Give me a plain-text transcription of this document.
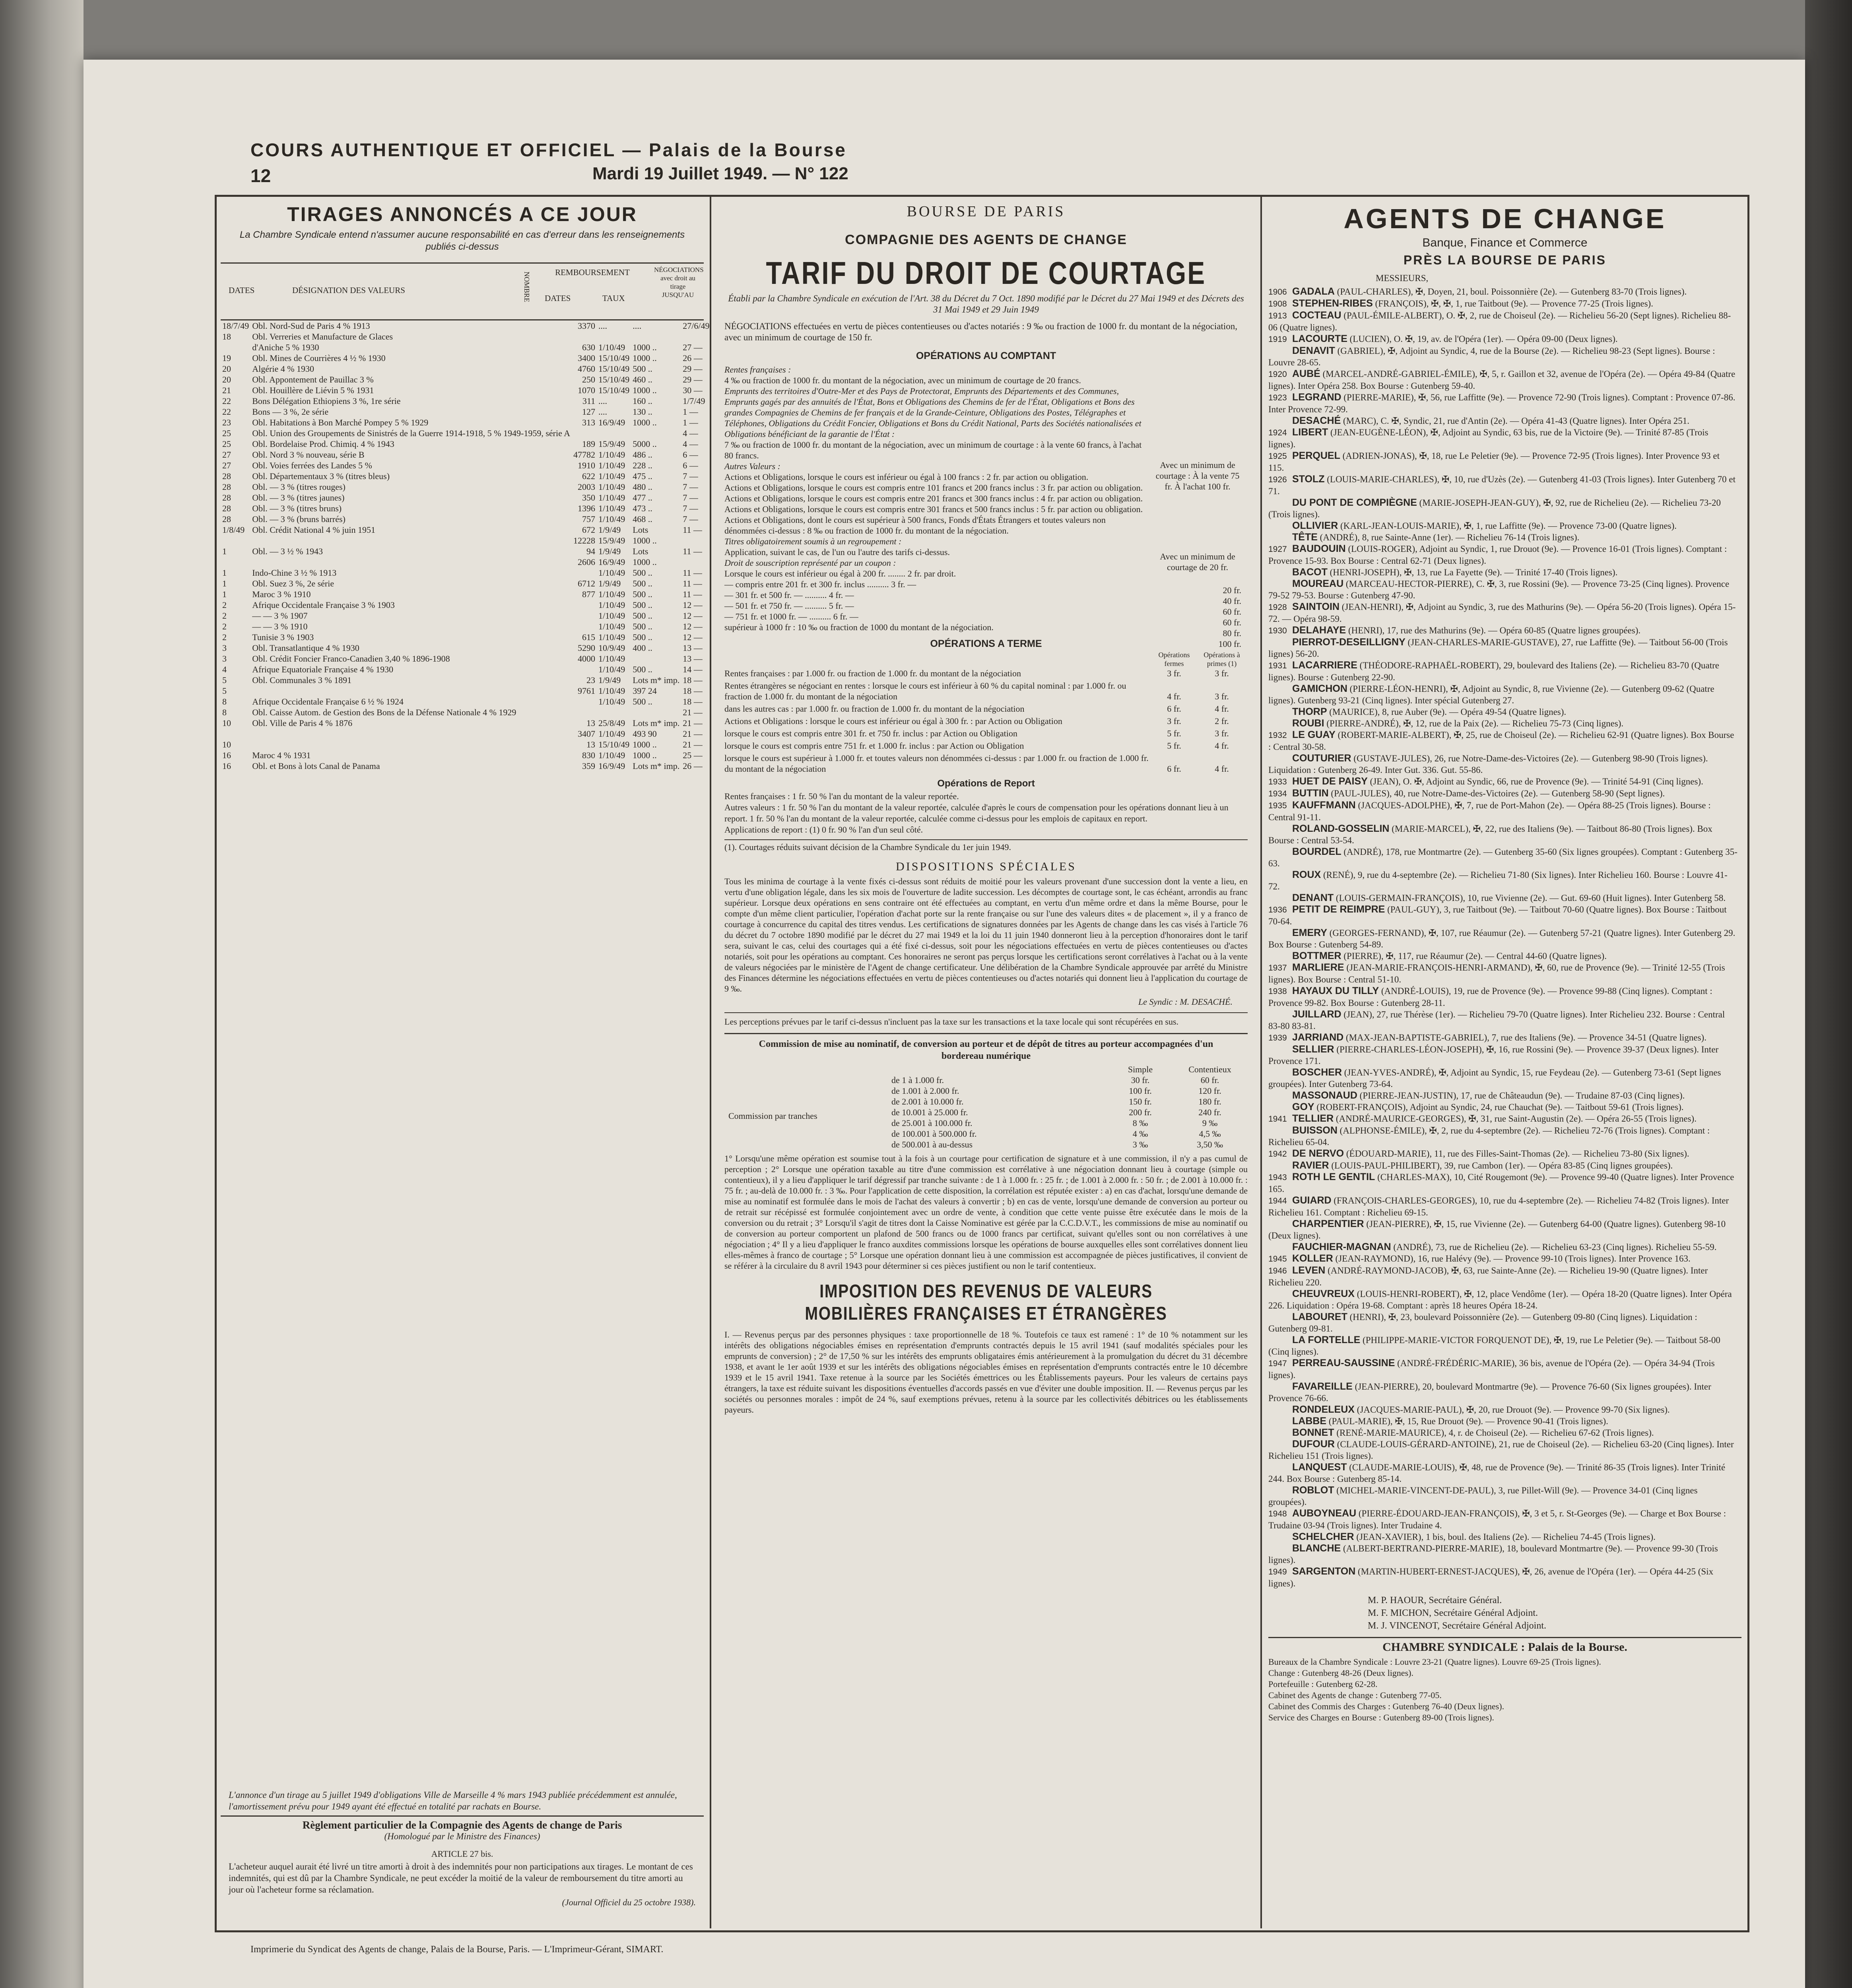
COURS AUTHENTIQUE ET OFFICIEL — Palais de la Bourse
Mardi 19 Juillet 1949. — N° 122
12
TIRAGES ANNONCÉS A CE JOUR
La Chambre Syndicale entend n'assumer aucune responsabilité en cas d'erreur dans les renseignements publiés ci-dessus
DATES	DÉSIGNATION DES VALEURS	NOMBRE	REMBOURSEMENT
DATES	TAUX
NÉGOCIATIONS avec droit au tirage JUSQU'AU
18/7/49	Obl. Nord-Sud de Paris 4 % 1913	3370	....	....	27/6/49
18	Obl. Verreries et Manufacture de Glaces				
	d'Aniche 5 % 1930	630	1/10/49	1000 ..	27 —
19	Obl. Mines de Courrières 4 ½ % 1930	3400	15/10/49	1000 ..	26 —
20	Algérie 4 % 1930	4760	15/10/49	500 ..	29 —
20	Obl. Appontement de Pauillac 3 %	250	15/10/49	460 ..	29 —
21	Obl. Houillère de Liévin 5 % 1931	1070	15/10/49	1000 ..	30 —
22	Bons Délégation Ethiopiens 3 %, 1re série	311	....	160 ..	1/7/49
22	Bons — 3 %, 2e série	127	....	130 ..	1 —
23	Obl. Habitations à Bon Marché Pompey 5 % 1929	313	16/9/49	1000 ..	1 —
25	Obl. Union des Groupements de Sinistrés de la Guerre 1914-1918, 5 % 1949-1959, série A				4 —
25	Obl. Bordelaise Prod. Chimiq. 4 % 1943	189	15/9/49	5000 ..	4 —
27	Obl. Nord 3 % nouveau, série B	47782	1/10/49	486 ..	6 —
27	Obl. Voies ferrées des Landes 5 %	1910	1/10/49	228 ..	6 —
28	Obl. Départementaux 3 % (titres bleus)	622	1/10/49	475 ..	7 —
28	Obl. — 3 % (titres rouges)	2003	1/10/49	480 ..	7 —
28	Obl. — 3 % (titres jaunes)	350	1/10/49	477 ..	7 —
28	Obl. — 3 % (titres bruns)	1396	1/10/49	473 ..	7 —
28	Obl. — 3 % (bruns barrés)	757	1/10/49	468 ..	7 —
1/8/49	Obl. Crédit National 4 % juin 1951	672	1/9/49	Lots	11 —
		12228	15/9/49	1000 ..	
1	Obl. — 3 ½ % 1943	94	1/9/49	Lots	11 —
		2606	16/9/49	1000 ..	
1	Indo-Chine 3 ½ % 1913		1/10/49	500 ..	11 —
1	Obl. Suez 3 %, 2e série	6712	1/9/49	500 ..	11 —
1	Maroc 3 % 1910	877	1/10/49	500 ..	11 —
2	Afrique Occidentale Française 3 % 1903		1/10/49	500 ..	12 —
2	— — 3 % 1907		1/10/49	500 ..	12 —
2	— — 3 % 1910		1/10/49	500 ..	12 —
2	Tunisie 3 % 1903	615	1/10/49	500 ..	12 —
3	Obl. Transatlantique 4 % 1930	5290	10/9/49	400 ..	13 —
3	Obl. Crédit Foncier Franco-Canadien 3,40 % 1896-1908	4000	1/10/49		13 —
4	Afrique Equatoriale Française 4 % 1930		1/10/49	500 ..	14 —
5	Obl. Communales 3 % 1891	23	1/9/49	Lots m* imp.	18 —
5		9761	1/10/49	397 24	18 —
8	Afrique Occidentale Française 6 ½ % 1924		1/10/49	500 ..	18 —
8	Obl. Caisse Autom. de Gestion des Bons de la Défense Nationale 4 % 1929				21 —
10	Obl. Ville de Paris 4 % 1876	13	25/8/49	Lots m* imp.	21 —
		3407	1/10/49	493 90	21 —
10		13	15/10/49	1000 ..	21 —
16	Maroc 4 % 1931	830	1/10/49	1000 ..	25 —
16	Obl. et Bons à lots Canal de Panama	359	16/9/49	Lots m* imp.	26 —
L'annonce d'un tirage au 5 juillet 1949 d'obligations Ville de Marseille 4 % mars 1943 publiée précédemment est annulée, l'amortissement prévu pour 1949 ayant été effectué en totalité par rachats en Bourse.
Règlement particulier de la Compagnie des Agents de change de Paris
(Homologué par le Ministre des Finances)
ARTICLE 27 bis.
L'acheteur auquel aurait été livré un titre amorti à droit à des indemnités pour non participations aux tirages. Le montant de ces indemnités, qui est dû par la Chambre Syndicale, ne peut excéder la moitié de la valeur de remboursement du titre amorti au jour où l'acheteur forme sa réclamation.
(Journal Officiel du 25 octobre 1938).
BOURSE DE PARIS
COMPAGNIE DES AGENTS DE CHANGE
TARIF DU DROIT DE COURTAGE
Établi par la Chambre Syndicale en exécution de l'Art. 38 du Décret du 7 Oct. 1890 modifié par le Décret du 27 Mai 1949 et des Décrets des 31 Mai 1949 et 29 Juin 1949
NÉGOCIATIONS effectuées en vertu de pièces contentieuses ou d'actes notariés : 9 ‰ ou fraction de 1000 fr. du montant de la négociation, avec un minimum de courtage de 150 fr.
OPÉRATIONS AU COMPTANT
Rentes françaises :
4 ‰ ou fraction de 1000 fr. du montant de la négociation, avec un minimum de courtage de 20 francs.
Emprunts des territoires d'Outre-Mer et des Pays de Protectorat, Emprunts des Départements et des Communes, Emprunts gagés par des annuités de l'État, Bons et Obligations des Chemins de fer de l'État, Obligations et Bons des grandes Compagnies de Chemins de fer français et de la Grande-Ceinture, Obligations des Postes, Télégraphes et Téléphones, Obligations du Crédit Foncier, Obligations et Bons du Crédit National, Parts des Sociétés nationalisées et Obligations bénéficiant de la garantie de l'État :
7 ‰ ou fraction de 1000 fr. du montant de la négociation, avec un minimum de courtage : à la vente 60 francs, à l'achat 80 francs.
Autres Valeurs :
Actions et Obligations, lorsque le cours est inférieur ou égal à 100 francs : 2 fr. par action ou obligation.
Actions et Obligations, lorsque le cours est compris entre 101 francs et 200 francs inclus : 3 fr. par action ou obligation.
Actions et Obligations, lorsque le cours est compris entre 201 francs et 300 francs inclus : 4 fr. par action ou obligation.
Actions et Obligations, lorsque le cours est compris entre 301 francs et 500 francs inclus : 5 fr. par action ou obligation.
Actions et Obligations, dont le cours est supérieur à 500 francs, Fonds d'États Étrangers et toutes valeurs non dénommées ci-dessus : 8 ‰ ou fraction de 1000 fr. du montant de la négociation.
Titres obligatoirement soumis à un regroupement :
Application, suivant le cas, de l'un ou l'autre des tarifs ci-dessus.
Droit de souscription représenté par un coupon :
Lorsque le cours est inférieur ou égal à 200 fr. ........ 2 fr. par droit.
— compris entre 201 fr. et 300 fr. inclus .......... 3 fr. —
— 301 fr. et 500 fr. — .......... 4 fr. —
— 501 fr. et 750 fr. — .......... 5 fr. —
— 751 fr. et 1000 fr. — .......... 6 fr. —
supérieur à 1000 fr : 10 ‰ ou fraction de 1000 du montant de la négociation.
Avec un minimum de courtage : À la vente 75 fr. À l'achat 100 fr.
Avec un minimum de courtage de 20 fr.
20 fr.
40 fr.
60 fr.
60 fr.
80 fr.
100 fr.
OPÉRATIONS A TERME
Opérations fermes
Opérations à primes (1)
Rentes françaises : par 1.000 fr. ou fraction de 1.000 fr. du montant de la négociation	3 fr.	3 fr.
Rentes étrangères se négociant en rentes : lorsque le cours est inférieur à 60 % du capital nominal : par 1.000 fr. ou fraction de 1.000 fr. du montant de la négociation	4 fr.	3 fr.
dans les autres cas : par 1.000 fr. ou fraction de 1.000 fr. du montant de la négociation	6 fr.	4 fr.
Actions et Obligations : lorsque le cours est inférieur ou égal à 300 fr. : par Action ou Obligation	3 fr.	2 fr.
lorsque le cours est compris entre 301 fr. et 750 fr. inclus : par Action ou Obligation	5 fr.	3 fr.
lorsque le cours est compris entre 751 fr. et 1.000 fr. inclus : par Action ou Obligation	5 fr.	4 fr.
lorsque le cours est supérieur à 1.000 fr. et toutes valeurs non dénommées ci-dessus : par 1.000 fr. ou fraction de 1.000 fr. du montant de la négociation	6 fr.	4 fr.
Opérations de Report
Rentes françaises : 1 fr. 50 % l'an du montant de la valeur reportée.
Autres valeurs : 1 fr. 50 % l'an du montant de la valeur reportée, calculée d'après le cours de compensation pour les opérations donnant lieu à un report. 1 fr. 50 % l'an du montant de la valeur reportée, calculée comme ci-dessus pour les emplois de capitaux en report.
Applications de report : (1) 0 fr. 90 % l'an d'un seul côté.
(1). Courtages réduits suivant décision de la Chambre Syndicale du 1er juin 1949.
DISPOSITIONS SPÉCIALES
Tous les minima de courtage à la vente fixés ci-dessus sont réduits de moitié pour les valeurs provenant d'une succession dont la vente a lieu, en vertu d'une obligation légale, dans les six mois de l'ouverture de ladite succession. Les décomptes de courtage sont, le cas échéant, arrondis au franc supérieur. Lorsque deux opérations en sens contraire ont été effectuées au comptant, en vertu d'un même ordre et dans la même Bourse, pour le compte d'un même client particulier, l'opération d'achat porte sur la rente française ou sur l'une des valeurs dites « de placement », il y a franco de courtage à concurrence du capital des titres vendus. Les certifications de signatures données par les Agents de change dans les cas visés à l'article 76 du décret du 7 octobre 1890 modifié par le décret du 27 mai 1949 et la loi du 11 juin 1940 donneront lieu à la perception d'honoraires dont le tarif sera, suivant le cas, celui des courtages qui a été fixé ci-dessus, soit pour les négociations effectuées en vertu de pièces contentieuses ou d'actes notariés, soit pour les opérations au comptant. Ces honoraires ne seront pas perçus lorsque les certifications seront corrélatives à l'achat ou à la vente de valeurs négociées par le ministère de l'Agent de change certificateur. Une délibération de la Chambre Syndicale approuvée par arrêté du Ministre des Finances détermine les négociations effectuées en vertu de pièces contentieuses ou d'actes notariés qui donnent lieu à l'application du courtage de 9 ‰.
Le Syndic : M. DESACHÉ.
Les perceptions prévues par le tarif ci-dessus n'incluent pas la taxe sur les transactions et la taxe locale qui sont récupérées en sus.
Commission de mise au nominatif, de conversion au porteur et de dépôt de titres au porteur accompagnées d'un bordereau numérique
Simple	Contentieux
Commission par tranches
de 1 à 1.000 fr.	30 fr.	60 fr.
de 1.001 à 2.000 fr.	100 fr.	120 fr.
de 2.001 à 10.000 fr.	150 fr.	180 fr.
de 10.001 à 25.000 fr.	200 fr.	240 fr.
de 25.001 à 100.000 fr.	8 ‰	9 ‰
de 100.001 à 500.000 fr.	4 ‰	4,5 ‰
de 500.001 à au-dessus	3 ‰	3,50 ‰
1° Lorsqu'une même opération est soumise tout à la fois à un courtage pour certification de signature et à une commission, il n'y a pas cumul de perception ; 2° Lorsque une opération taxable au titre d'une commission est corrélative à une négociation donnant lieu à courtage (simple ou contentieux), il y a lieu d'appliquer le tarif dégressif par tranche suivante : de 1 à 1.000 fr. : 25 fr. ; de 1.001 à 2.000 fr. : 50 fr. ; de 2.001 à 10.000 fr. : 75 fr. ; au-delà de 10.000 fr. : 3 ‰. Pour l'application de cette disposition, la corrélation est réputée exister : a) en cas d'achat, lorsqu'une demande de mise au nominatif est formulée dans le mois de l'achat des valeurs à convertir ; b) en cas de vente, lorsqu'une demande de conversion au porteur ou de retrait sur récépissé est formulée conjointement avec un ordre de vente, à condition que cette vente puisse être exécutée dans le mois de la conversion ou du retrait ; 3° Lorsqu'il s'agit de titres dont la Caisse Nominative est gérée par la C.C.D.V.T., les commissions de mise au nominatif ou de conversion au porteur comportent un plafond de 500 francs ou de 1000 francs par certificat, suivant qu'elles sont ou non corrélatives à une négociation ; 4° Il y a lieu d'appliquer le franco auxdites commissions lorsque les opérations de bourse auxquelles elles sont corrélatives donnent lieu elles-mêmes à franco de courtage ; 5° Lorsque une opération donnant lieu à une commission est accompagnée de pièces justificatives, il convient de se référer à la circulaire du 8 avril 1943 pour déterminer si ces pièces justifient ou non le tarif contentieux.
IMPOSITION DES REVENUS DE VALEURS MOBILIÈRES FRANÇAISES ET ÉTRANGÈRES
I. — Revenus perçus par des personnes physiques : taxe proportionnelle de 18 %. Toutefois ce taux est ramené : 1° de 10 % notamment sur les intérêts des obligations négociables émises en représentation d'emprunts contractés depuis le 15 avril 1941 (sauf modalités spéciales pour les emprunts de conversion) ; 2° de 17,50 % sur les intérêts des emprunts obligataires émis antérieurement à la promulgation du décret du 31 décembre 1938, et avant le 1er août 1939 et sur les intérêts des obligations négociables émises en représentation d'emprunts contractés entre le 10 décembre 1939 et le 15 avril 1941. Taxe retenue à la source par les Sociétés émettrices ou les Établissements payeurs. Pour les valeurs de certains pays étrangers, la taxe est réduite suivant les dispositions éventuelles d'accords passés en vue d'éviter une double imposition. II. — Revenus perçus par les sociétés ou personnes morales : impôt de 24 %, sauf exemptions prévues, retenu à la source par les collectivités débitrices ou les établissements payeurs.
AGENTS DE CHANGE
Banque, Finance et Commerce
PRÈS LA BOURSE DE PARIS
MESSIEURS,

1906 GADALA (PAUL-CHARLES), ✠, Doyen, 21, boul. Poissonnière (2e). — Gutenberg 83-70 (Trois lignes).

1908 STEPHEN-RIBES (FRANÇOIS), ✠, ✠, 1, rue Taitbout (9e). — Provence 77-25 (Trois lignes).

1913 COCTEAU (PAUL-ÉMILE-ALBERT), O. ✠, 2, rue de Choiseul (2e). — Richelieu 56-20 (Sept lignes). Richelieu 88-06 (Quatre lignes).

1919 LACOURTE (LUCIEN), O. ✠, 19, av. de l'Opéra (1er). — Opéra 09-00 (Deux lignes).

DENAVIT (GABRIEL), ✠, Adjoint au Syndic, 4, rue de la Bourse (2e). — Richelieu 98-23 (Sept lignes). Bourse : Louvre 28-65.

1920 AUBÉ (MARCEL-ANDRÉ-GABRIEL-ÉMILE), ✠, 5, r. Gaillon et 32, avenue de l'Opéra (2e). — Opéra 49-84 (Quatre lignes). Inter Opéra 258. Box Bourse : Gutenberg 59-40.

1923 LEGRAND (PIERRE-MARIE), ✠, 56, rue Laffitte (9e). — Provence 72-90 (Trois lignes). Comptant : Provence 07-86. Inter Provence 72-99.

DESACHÉ (MARC), C. ✠, Syndic, 21, rue d'Antin (2e). — Opéra 41-43 (Quatre lignes). Inter Opéra 251.

1924 LIBERT (JEAN-EUGÈNE-LÉON), ✠, Adjoint au Syndic, 63 bis, rue de la Victoire (9e). — Trinité 87-85 (Trois lignes).

1925 PERQUEL (ADRIEN-JONAS), ✠, 18, rue Le Peletier (9e). — Provence 72-95 (Trois lignes). Inter Provence 93 et 115.

1926 STOLZ (LOUIS-MARIE-CHARLES), ✠, 10, rue d'Uzès (2e). — Gutenberg 41-03 (Trois lignes). Inter Gutenberg 70 et 71.

DU PONT DE COMPIÈGNE (MARIE-JOSEPH-JEAN-GUY), ✠, 92, rue de Richelieu (2e). — Richelieu 73-20 (Trois lignes).

OLLIVIER (KARL-JEAN-LOUIS-MARIE), ✠, 1, rue Laffitte (9e). — Provence 73-00 (Quatre lignes).

TÊTE (ANDRÉ), 8, rue Sainte-Anne (1er). — Richelieu 76-14 (Trois lignes).

1927 BAUDOUIN (LOUIS-ROGER), Adjoint au Syndic, 1, rue Drouot (9e). — Provence 16-01 (Trois lignes). Comptant : Provence 15-93. Box Bourse : Central 62-71 (Deux lignes).

BACOT (HENRI-JOSEPH), ✠, 13, rue La Fayette (9e). — Trinité 17-40 (Trois lignes).

MOUREAU (MARCEAU-HECTOR-PIERRE), C. ✠, 3, rue Rossini (9e). — Provence 73-25 (Cinq lignes). Provence 79-52 79-53. Bourse : Gutenberg 47-90.

1928 SAINTOIN (JEAN-HENRI), ✠, Adjoint au Syndic, 3, rue des Mathurins (9e). — Opéra 56-20 (Trois lignes). Opéra 15-72. — Opéra 98-59.

1930 DELAHAYE (HENRI), 17, rue des Mathurins (9e). — Opéra 60-85 (Quatre lignes groupées).

PIERROT-DESEILLIGNY (JEAN-CHARLES-MARIE-GUSTAVE), 27, rue Laffitte (9e). — Taitbout 56-00 (Trois lignes) 56-20.

1931 LACARRIERE (THÉODORE-RAPHAËL-ROBERT), 29, boulevard des Italiens (2e). — Richelieu 83-70 (Quatre lignes). Bourse : Gutenberg 22-90.

GAMICHON (PIERRE-LÉON-HENRI), ✠, Adjoint au Syndic, 8, rue Vivienne (2e). — Gutenberg 09-62 (Quatre lignes). Gutenberg 93-21 (Cinq lignes). Inter spécial Gutenberg 27.

THORP (MAURICE), 8, rue Auber (9e). — Opéra 49-54 (Quatre lignes).

ROUBI (PIERRE-ANDRÉ), ✠, 12, rue de la Paix (2e). — Richelieu 75-73 (Cinq lignes).

1932 LE GUAY (ROBERT-MARIE-ALBERT), ✠, 25, rue de Choiseul (2e). — Richelieu 62-91 (Quatre lignes). Box Bourse : Central 30-58.

COUTURIER (GUSTAVE-JULES), 26, rue Notre-Dame-des-Victoires (2e). — Gutenberg 98-90 (Trois lignes). Liquidation : Gutenberg 26-49. Inter Gut. 336. Gut. 55-86.

1933 HUET DE PAISY (JEAN), O. ✠, Adjoint au Syndic, 66, rue de Provence (9e). — Trinité 54-91 (Cinq lignes).

1934 BUTTIN (PAUL-JULES), 40, rue Notre-Dame-des-Victoires (2e). — Gutenberg 58-90 (Sept lignes).

1935 KAUFFMANN (JACQUES-ADOLPHE), ✠, 7, rue de Port-Mahon (2e). — Opéra 88-25 (Trois lignes). Bourse : Central 91-11.

ROLAND-GOSSELIN (MARIE-MARCEL), ✠, 22, rue des Italiens (9e). — Taitbout 86-80 (Trois lignes). Box Bourse : Central 53-54.

BOURDEL (ANDRÉ), 178, rue Montmartre (2e). — Gutenberg 35-60 (Six lignes groupées). Comptant : Gutenberg 35-63.

ROUX (RENÉ), 9, rue du 4-septembre (2e). — Richelieu 71-80 (Six lignes). Inter Richelieu 160. Bourse : Louvre 41-72.

DENANT (LOUIS-GERMAIN-FRANÇOIS), 10, rue Vivienne (2e). — Gut. 69-60 (Huit lignes). Inter Gutenberg 58.

1936 PETIT DE REIMPRE (PAUL-GUY), 3, rue Taitbout (9e). — Taitbout 70-60 (Quatre lignes). Box Bourse : Taitbout 70-64.

EMERY (GEORGES-FERNAND), ✠, 107, rue Réaumur (2e). — Gutenberg 57-21 (Quatre lignes). Inter Gutenberg 29. Box Bourse : Gutenberg 54-89.

BOTTMER (PIERRE), ✠, 117, rue Réaumur (2e). — Central 44-60 (Quatre lignes).

1937 MARLIERE (JEAN-MARIE-FRANÇOIS-HENRI-ARMAND), ✠, 60, rue de Provence (9e). — Trinité 12-55 (Trois lignes). Box Bourse : Central 51-10.

1938 HAYAUX DU TILLY (ANDRÉ-LOUIS), 19, rue de Provence (9e). — Provence 99-88 (Cinq lignes). Comptant : Provence 99-82. Box Bourse : Gutenberg 28-11.

JUILLARD (JEAN), 27, rue Thérèse (1er). — Richelieu 79-70 (Quatre lignes). Inter Richelieu 232. Bourse : Central 83-80 83-81.

1939 JARRIAND (MAX-JEAN-BAPTISTE-GABRIEL), 7, rue des Italiens (9e). — Provence 34-51 (Quatre lignes).

SELLIER (PIERRE-CHARLES-LÉON-JOSEPH), ✠, 16, rue Rossini (9e). — Provence 39-37 (Deux lignes). Inter Provence 171.

BOSCHER (JEAN-YVES-ANDRÉ), ✠, Adjoint au Syndic, 15, rue Feydeau (2e). — Gutenberg 73-61 (Sept lignes groupées). Inter Gutenberg 73-64.

MASSONAUD (PIERRE-JEAN-JUSTIN), 17, rue de Châteaudun (9e). — Trudaine 87-03 (Cinq lignes).

GOY (ROBERT-FRANÇOIS), Adjoint au Syndic, 24, rue Chauchat (9e). — Taitbout 59-61 (Trois lignes).

1941 TELLIER (ANDRÉ-MAURICE-GEORGES), ✠, 31, rue Saint-Augustin (2e). — Opéra 26-55 (Trois lignes).

BUISSON (ALPHONSE-ÉMILE), ✠, 2, rue du 4-septembre (2e). — Richelieu 72-76 (Trois lignes). Comptant : Richelieu 65-04.

1942 DE NERVO (ÉDOUARD-MARIE), 11, rue des Filles-Saint-Thomas (2e). — Richelieu 73-80 (Six lignes).

RAVIER (LOUIS-PAUL-PHILIBERT), 39, rue Cambon (1er). — Opéra 83-85 (Cinq lignes groupées).

1943 ROTH LE GENTIL (CHARLES-MAX), 10, Cité Rougemont (9e). — Provence 99-40 (Quatre lignes). Inter Provence 165.

1944 GUIARD (FRANÇOIS-CHARLES-GEORGES), 10, rue du 4-septembre (2e). — Richelieu 74-82 (Trois lignes). Inter Richelieu 161. Comptant : Richelieu 69-15.

CHARPENTIER (JEAN-PIERRE), ✠, 15, rue Vivienne (2e). — Gutenberg 64-00 (Quatre lignes). Gutenberg 98-10 (Deux lignes).

FAUCHIER-MAGNAN (ANDRÉ), 73, rue de Richelieu (2e). — Richelieu 63-23 (Cinq lignes). Richelieu 55-59.

1945 KOLLER (JEAN-RAYMOND), 16, rue Halévy (9e). — Provence 99-10 (Trois lignes). Inter Provence 163.

1946 LEVEN (ANDRÉ-RAYMOND-JACOB), ✠, 63, rue Sainte-Anne (2e). — Richelieu 19-90 (Quatre lignes). Inter Richelieu 220.

CHEUVREUX (LOUIS-HENRI-ROBERT), ✠, 12, place Vendôme (1er). — Opéra 18-20 (Quatre lignes). Inter Opéra 226. Liquidation : Opéra 19-68. Comptant : après 18 heures Opéra 18-24.

LABOURET (HENRI), ✠, 23, boulevard Poissonnière (2e). — Gutenberg 09-80 (Cinq lignes). Liquidation : Gutenberg 09-81.

LA FORTELLE (PHILIPPE-MARIE-VICTOR FORQUENOT DE), ✠, 19, rue Le Peletier (9e). — Taitbout 58-00 (Cinq lignes).

1947 PERREAU-SAUSSINE (ANDRÉ-FRÉDÉRIC-MARIE), 36 bis, avenue de l'Opéra (2e). — Opéra 34-94 (Trois lignes).

FAVAREILLE (JEAN-PIERRE), 20, boulevard Montmartre (9e). — Provence 76-60 (Six lignes groupées). Inter Provence 76-66.

RONDELEUX (JACQUES-MARIE-PAUL), ✠, 20, rue Drouot (9e). — Provence 99-70 (Six lignes).

LABBE (PAUL-MARIE), ✠, 15, Rue Drouot (9e). — Provence 90-41 (Trois lignes).

BONNET (RENÉ-MARIE-MAURICE), 4, r. de Choiseul (2e). — Richelieu 67-62 (Trois lignes).

DUFOUR (CLAUDE-LOUIS-GÉRARD-ANTOINE), 21, rue de Choiseul (2e). — Richelieu 63-20 (Cinq lignes). Inter Richelieu 151 (Trois lignes).

LANQUEST (CLAUDE-MARIE-LOUIS), ✠, 48, rue de Provence (9e). — Trinité 86-35 (Trois lignes). Inter Trinité 244. Box Bourse : Gutenberg 85-14.

ROBLOT (MICHEL-MARIE-VINCENT-DE-PAUL), 3, rue Pillet-Will (9e). — Provence 34-01 (Cinq lignes groupées).

1948 AUBOYNEAU (PIERRE-ÉDOUARD-JEAN-FRANÇOIS), ✠, 3 et 5, r. St-Georges (9e). — Charge et Box Bourse : Trudaine 03-94 (Trois lignes). Inter Trudaine 4.

SCHELCHER (JEAN-XAVIER), 1 bis, boul. des Italiens (2e). — Richelieu 74-45 (Trois lignes).

BLANCHE (ALBERT-BERTRAND-PIERRE-MARIE), 18, boulevard Montmartre (9e). — Provence 99-30 (Trois lignes).

1949 SARGENTON (MARTIN-HUBERT-ERNEST-JACQUES), ✠, 26, avenue de l'Opéra (1er). — Opéra 44-25 (Six lignes).

M. P. HAOUR, Secrétaire Général.
M. F. MICHON, Secrétaire Général Adjoint.
M. J. VINCENOT, Secrétaire Général Adjoint.
CHAMBRE SYNDICALE : Palais de la Bourse.
Bureaux de la Chambre Syndicale : Louvre 23-21 (Quatre lignes). Louvre 69-25 (Trois lignes).
Change : Gutenberg 48-26 (Deux lignes).
Portefeuille : Gutenberg 62-28.
Cabinet des Agents de change : Gutenberg 77-05.
Cabinet des Commis des Charges : Gutenberg 76-40 (Deux lignes).
Service des Charges en Bourse : Gutenberg 89-00 (Trois lignes).
Imprimerie du Syndicat des Agents de change, Palais de la Bourse, Paris. — L'Imprimeur-Gérant, SIMART.
